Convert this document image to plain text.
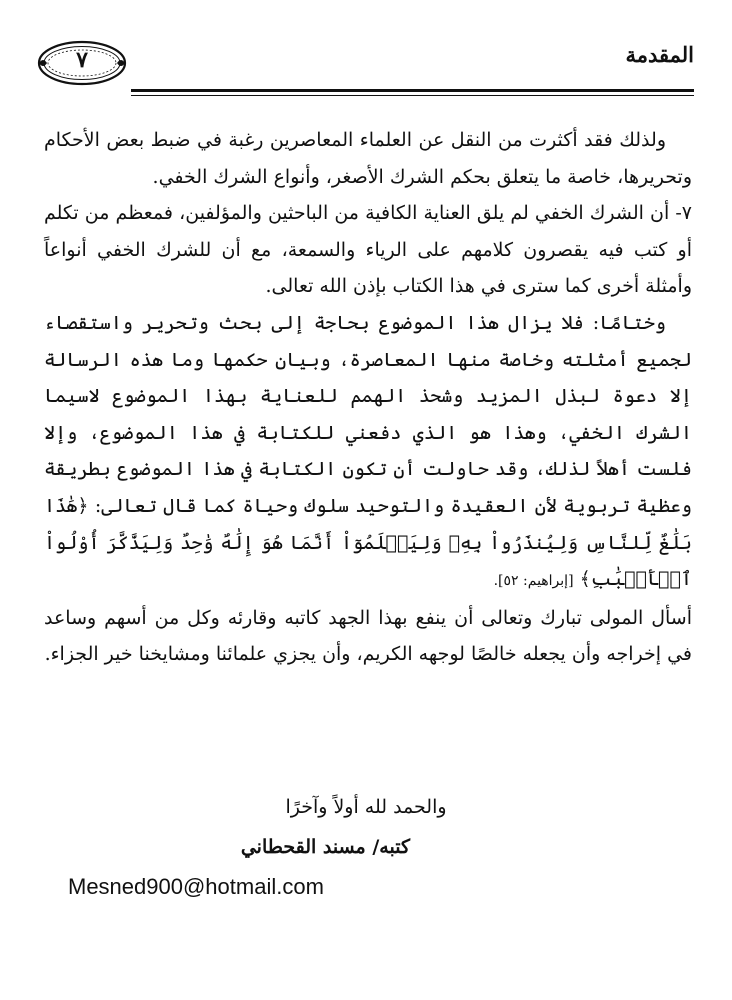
المقدمة
٧

ولذلك فقد أكثرت من النقل عن العلماء المعاصرين رغبة في ضبط بعض الأحكام وتحريرها، خاصة ما يتعلق بحكم الشرك الأصغر، وأنواع الشرك الخفي.

٧- أن الشرك الخفي لم يلق العناية الكافية من الباحثين والمؤلفين، فمعظم من تكلم أو كتب فيه يقصرون كلامهم على الرياء والسمعة، مع أن للشرك الخفي أنواعاً وأمثلة أخرى كما سترى في هذا الكتاب بإذن الله تعالى.

وختامًا: فلا يزال هذا الموضوع بحاجة إلى بحث وتحرير واستقصاء لجميع أمثلته وخاصة منها المعاصرة، وبيان حكمها وما هذه الرسالة إلا دعوة لبذل المزيد وشحذ الهمم للعناية بهذا الموضوع لاسيما الشرك الخفي، وهذا هو الذي دفعني للكتابة في هذا الموضوع، وإلا فلست أهلاً لذلك، وقد حاولت أن تكون الكتابة في هذا الموضوع بطريقة وعظية تربوية لأن العقيدة والتوحيد سلوك وحياة كما قال تعالى: ﴿هَٰذَا بَلَٰغٌ لِّلنَّاسِ وَلِيُنذَرُواْ بِهِۦ وَلِيَعۡلَمُوٓاْ أَنَّمَا هُوَ إِلَٰهٌ وَٰحِدٌ وَلِيَذَّكَّرَ أُوْلُواْ ٱلۡأَلۡبَٰبِ﴾ [إبراهيم: ٥٢].

أسأل المولى تبارك وتعالى أن ينفع بهذا الجهد كاتبه وقارئه وكل من أسهم وساعد في إخراجه وأن يجعله خالصًا لوجهه الكريم، وأن يجزي علمائنا ومشايخنا خير الجزاء.

والحمد لله أولاً وآخرًا
كتبه/ مسند القحطاني
Mesned900@hotmail.com
